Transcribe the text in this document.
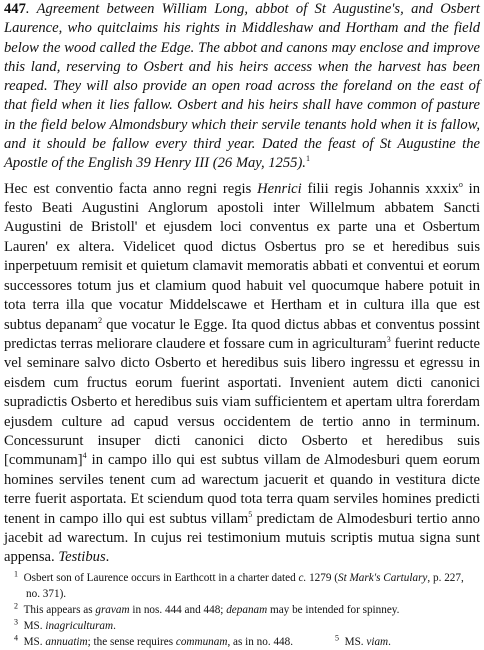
447. Agreement between William Long, abbot of St Augustine's, and Osbert Laurence, who quitclaims his rights in Middleshaw and Hortham and the field below the wood called the Edge. The abbot and canons may enclose and improve this land, reserving to Osbert and his heirs access when the harvest has been reaped. They will also provide an open road across the foreland on the east of that field when it lies fallow. Osbert and his heirs shall have common of pasture in the field below Almondsbury which their servile tenants hold when it is fallow, and it should be fallow every third year. Dated the feast of St Augustine the Apostle of the English 39 Henry III (26 May, 1255).$^1$

Hec est conventio facta anno regni regis Henrici filii regis Johannis xxxix$^o$ in festo Beati Augustini Anglorum apostoli inter Willelmum abbatem Sancti Augustini de Bristoll' et ejusdem loci conventus ex parte una et Osbertum Lauren' ex altera. Videlicet quod dictus Osbertus pro se et heredibus suis inperpetuum remisit et quietum clamavit memoratis abbati et conventui et eorum successores totum jus et clamium quod habuit vel quocumque habere potuit in tota terra illa que vocatur Middelscawe et Hertham et in cultura illa que est subtus depanam$^2$ que vocatur le Egge. Ita quod dictus abbas et conventus possint predictas terras meliorare claudere et fossare cum in agriculturam$^3$ fuerint reducte vel seminare salvo dicto Osberto et heredibus suis libero ingressu et egressu in eisdem cum fructus eorum fuerint asportati. Invenient autem dicti canonici supradictis Osberto et heredibus suis viam sufficientem et apertam ultra forerdam ejusdem culture ad capud versus occidentem de tertio anno in terminum. Concessurunt insuper dicti canonici dicto Osberto et heredibus suis [communam]$^4$ in campo illo qui est subtus villam de Almodesburi quem eorum homines serviles tenent cum ad warectum jacuerit et quando in vestitura dicte terre fuerit asportata. Et sciendum quod tota terra quam serviles homines predicti tenent in campo illo qui est subtus villam$^5$ predictam de Almodesburi tertio anno jacebit ad warectum. In cujus rei testimonium mutuis scriptis mutua signa sunt appensa. Testibus.

$^1$ Osbert son of Laurence occurs in Earthcott in a charter dated c. 1279 (St Mark's Cartulary, p. 227, no. 371).

$^2$ This appears as gravam in nos. 444 and 448; depanam may be intended for spinney.

$^3$ MS. inagriculturam.

$^4$ MS. annuatim; the sense requires communam, as in no. 448.	$^5$ MS. viam.
